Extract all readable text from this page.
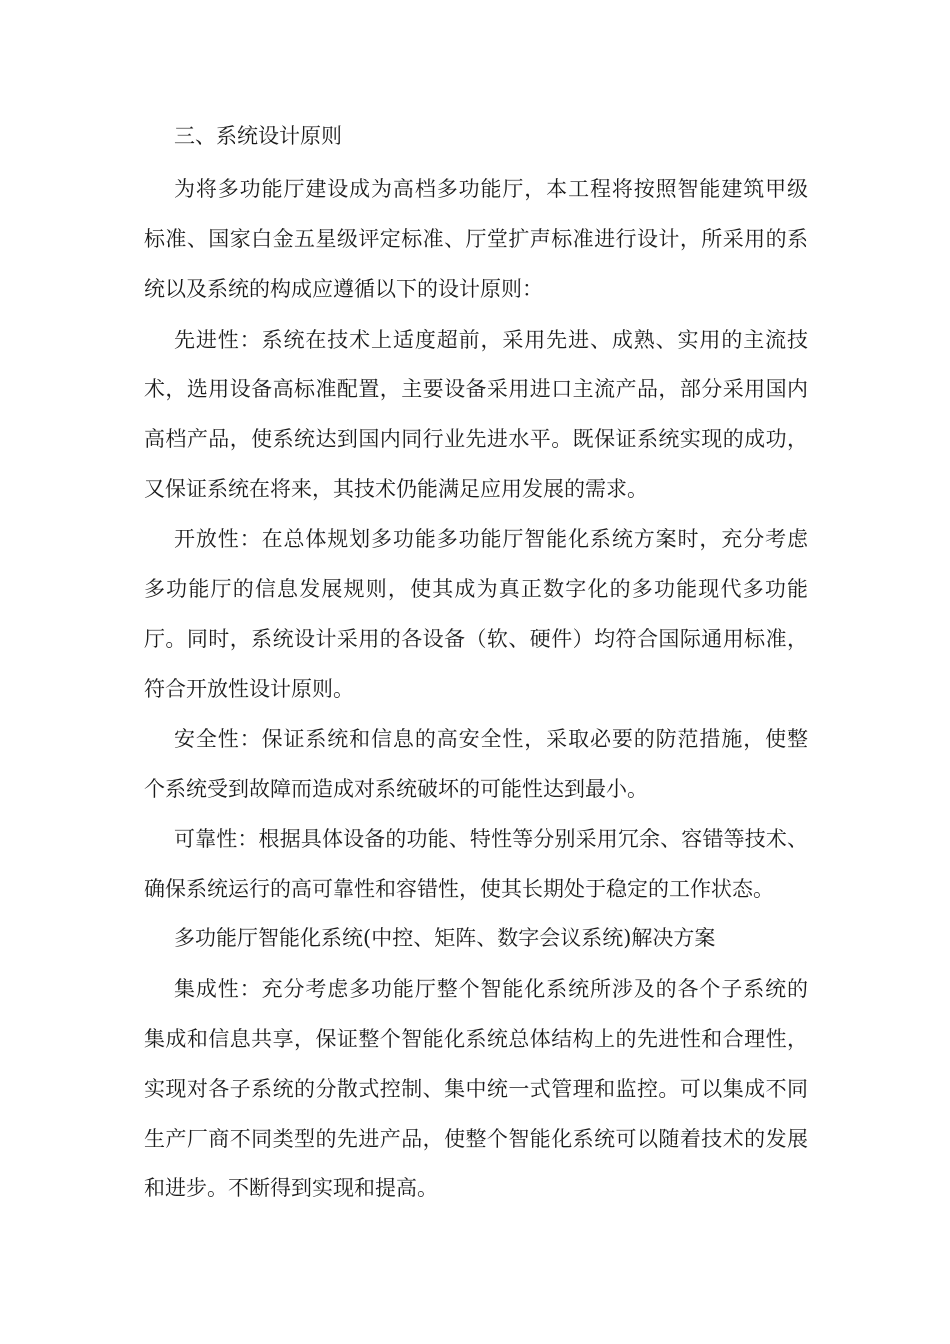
三、系统设计原则
为将多功能厅建设成为高档多功能厅，本工程将按照智能建筑甲级
标准、国家白金五星级评定标准、厅堂扩声标准进行设计，所采用的系
统以及系统的构成应遵循以下的设计原则：
先进性：系统在技术上适度超前，采用先进、成熟、实用的主流技
术，选用设备高标准配置，主要设备采用进口主流产品，部分采用国内
高档产品，使系统达到国内同行业先进水平。既保证系统实现的成功，
又保证系统在将来，其技术仍能满足应用发展的需求。
开放性：在总体规划多功能多功能厅智能化系统方案时，充分考虑
多功能厅的信息发展规则，使其成为真正数字化的多功能现代多功能
厅。同时，系统设计采用的各设备（软、硬件）均符合国际通用标准，
符合开放性设计原则。
安全性：保证系统和信息的高安全性，采取必要的防范措施，使整
个系统受到故障而造成对系统破坏的可能性达到最小。
可靠性：根据具体设备的功能、特性等分别采用冗余、容错等技术、
确保系统运行的高可靠性和容错性，使其长期处于稳定的工作状态。
多功能厅智能化系统(中控、矩阵、数字会议系统)解决方案
集成性：充分考虑多功能厅整个智能化系统所涉及的各个子系统的
集成和信息共享，保证整个智能化系统总体结构上的先进性和合理性，
实现对各子系统的分散式控制、集中统一式管理和监控。可以集成不同
生产厂商不同类型的先进产品，使整个智能化系统可以随着技术的发展
和进步。不断得到实现和提高。
